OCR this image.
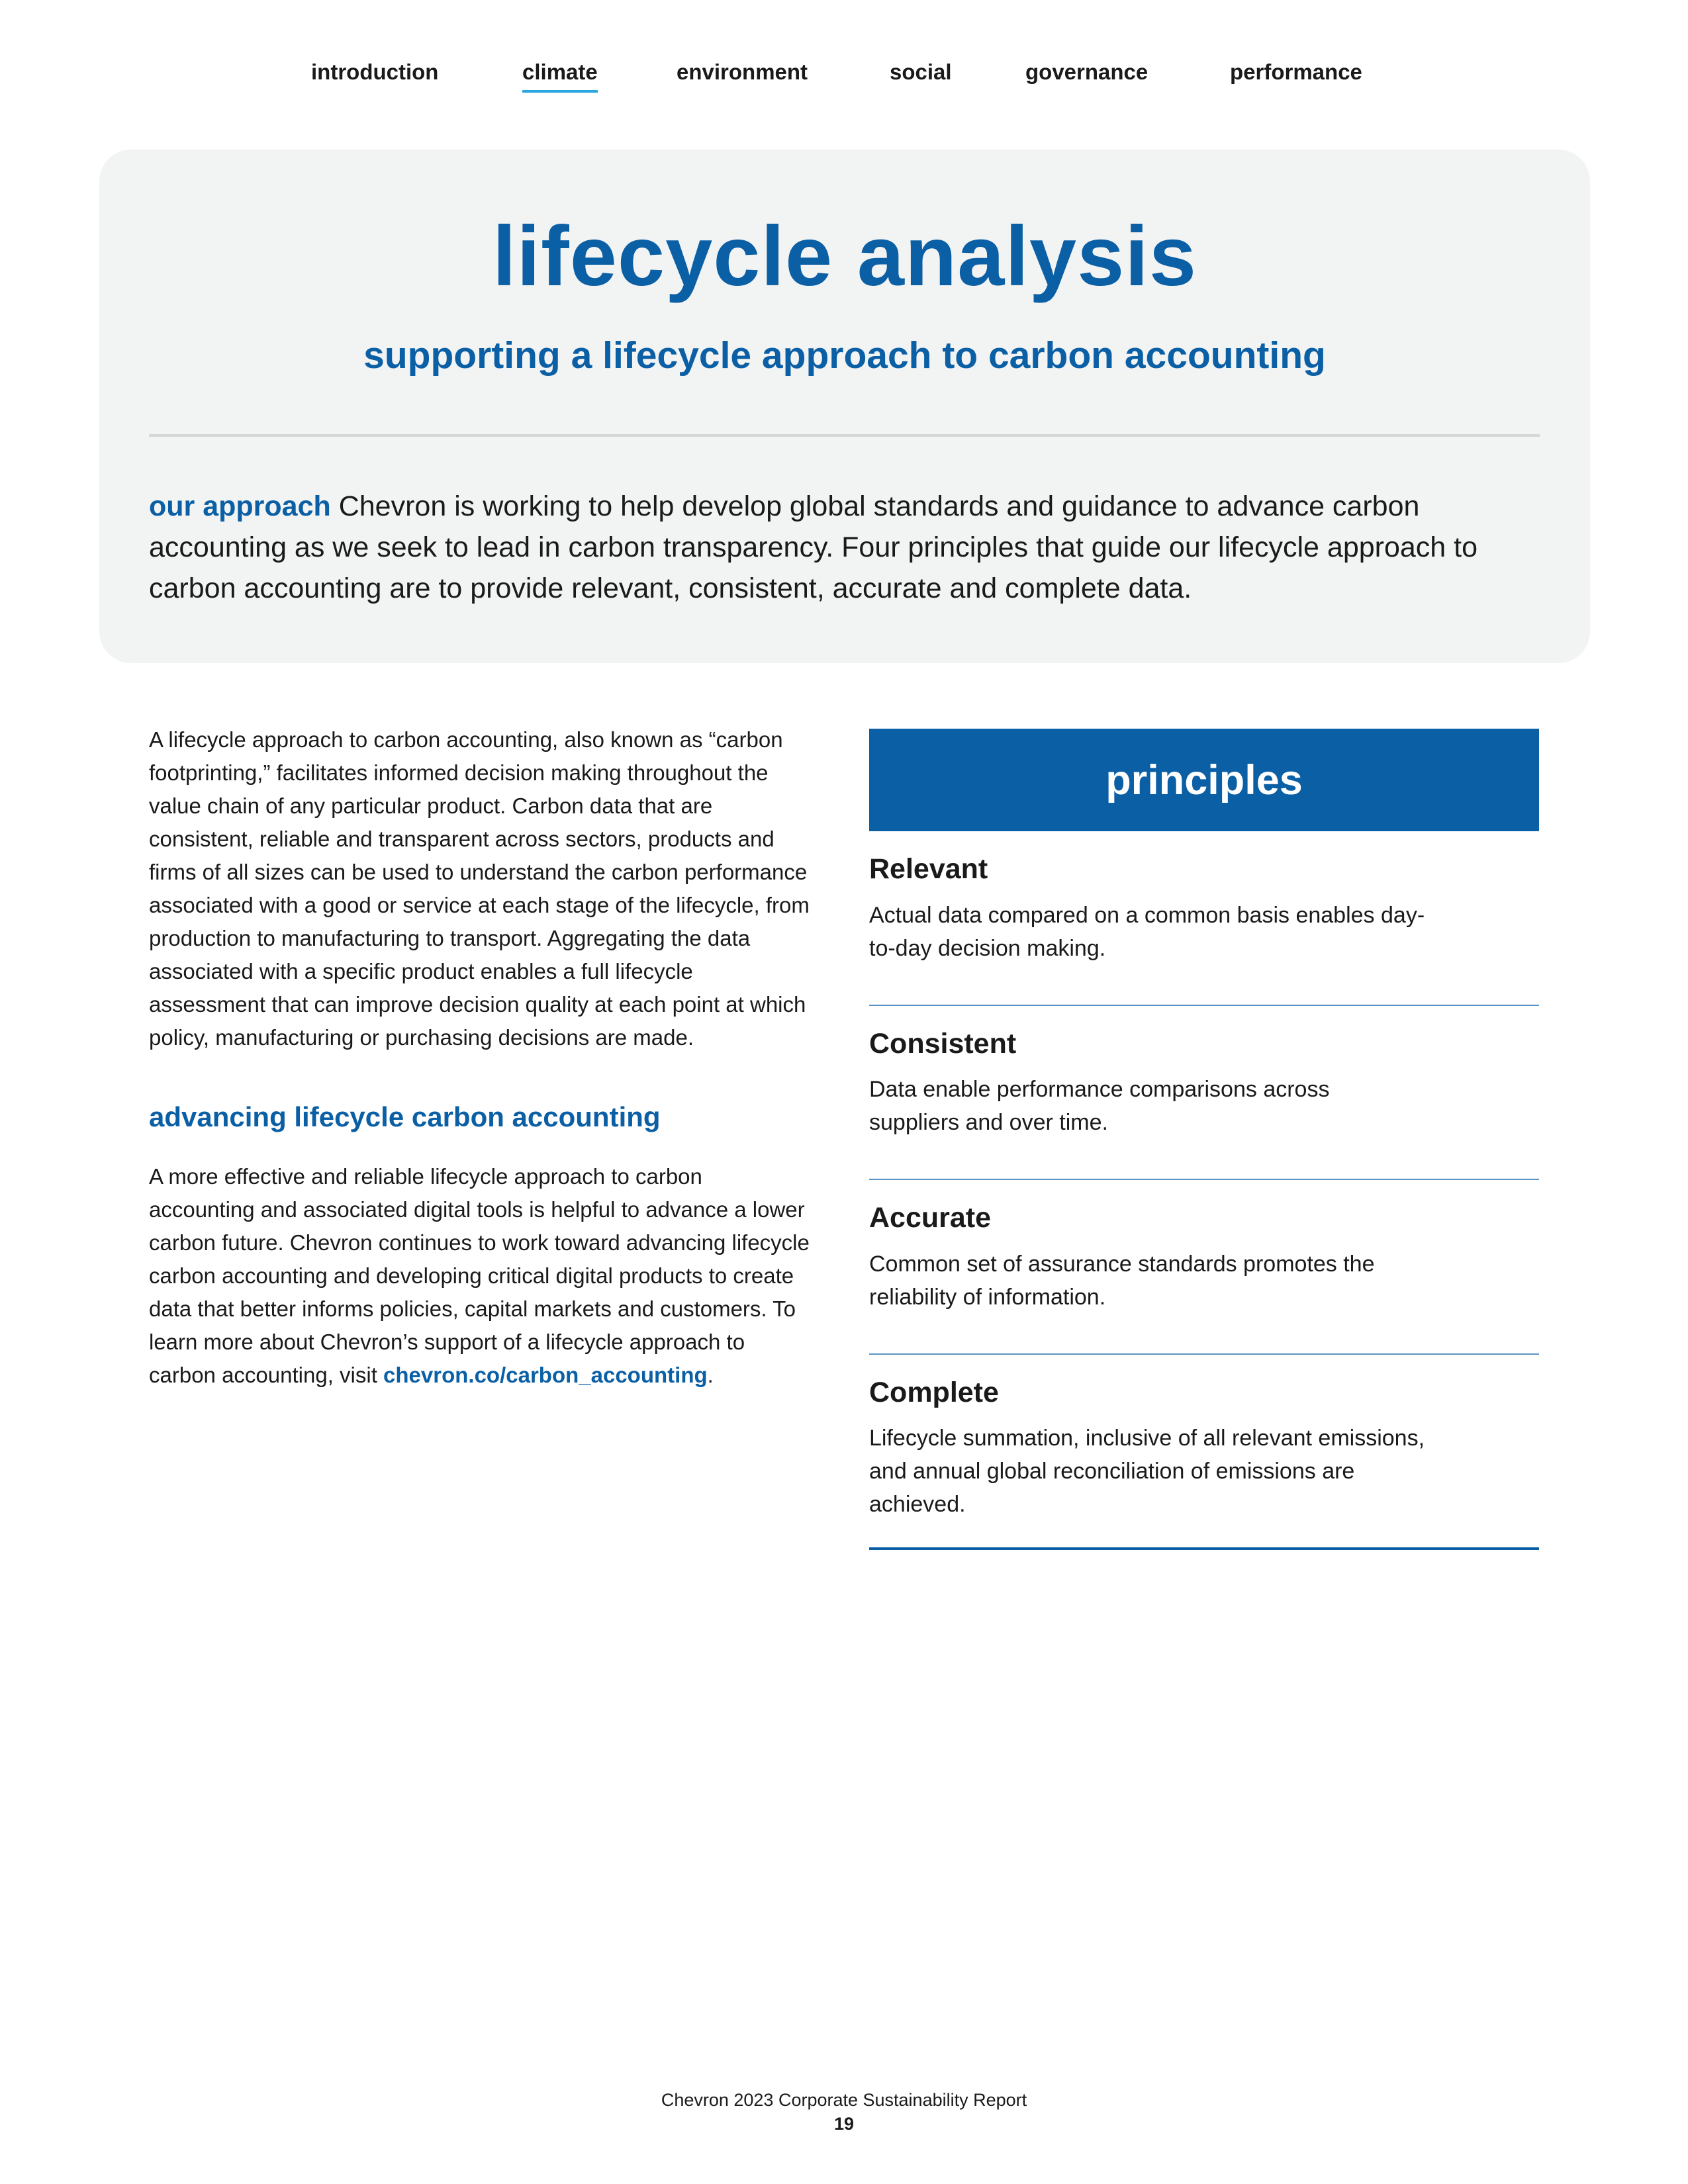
introduction	climate	environment	social	governance	performance
lifecycle analysis
supporting a lifecycle approach to carbon accounting

our approach Chevron is working to help develop global standards and guidance to advance carbon accounting as we seek to lead in carbon transparency. Four principles that guide our lifecycle approach to carbon accounting are to provide relevant, consistent, accurate and complete data.

A lifecycle approach to carbon accounting, also known as “carbon footprinting,” facilitates informed decision making throughout the value chain of any particular product. Carbon data that are consistent, reliable and transparent across sectors, products and firms of all sizes can be used to understand the carbon performance associated with a good or service at each stage of the lifecycle, from production to manufacturing to transport. Aggregating the data associated with a specific product enables a full lifecycle assessment that can improve decision quality at each point at which policy, manufacturing or purchasing decisions are made.

advancing lifecycle carbon accounting

A more effective and reliable lifecycle approach to carbon accounting and associated digital tools is helpful to advance a lower carbon future. Chevron continues to work toward advancing lifecycle carbon accounting and developing critical digital products to create data that better informs policies, capital markets and customers. To learn more about Chevron’s support of a lifecycle approach to carbon accounting, visit chevron.co/carbon_accounting.

principles
Relevant

Actual data compared on a common basis enables day-to-day decision making.

Consistent

Data enable performance comparisons across suppliers and over time.

Accurate

Common set of assurance standards promotes the reliability of information.

Complete

Lifecycle summation, inclusive of all relevant emissions, and annual global reconciliation of emissions are achieved.

Chevron 2023 Corporate Sustainability Report
19
